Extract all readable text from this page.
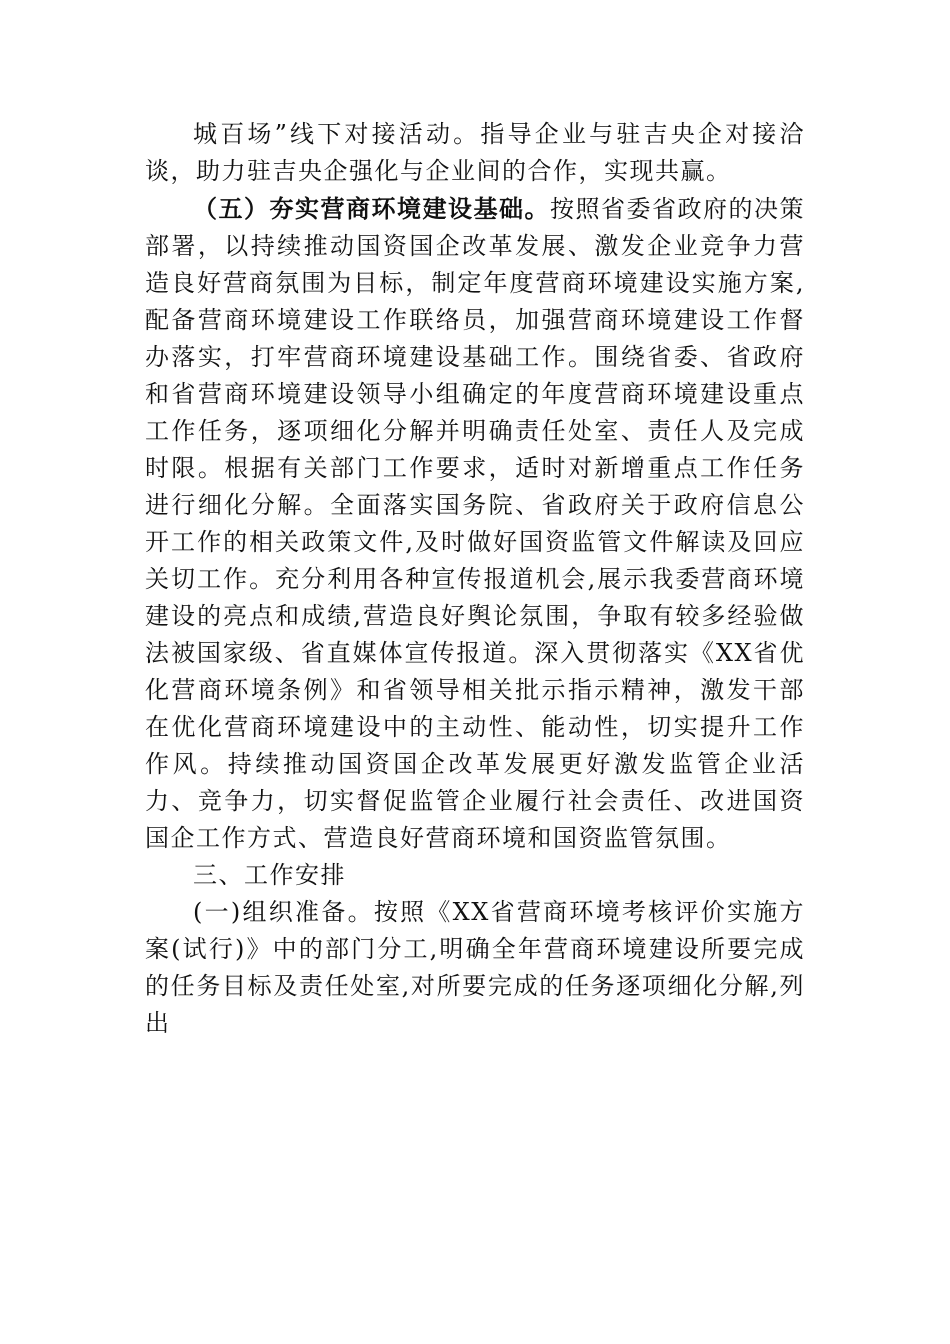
城百场”线下对接活动。指导企业与驻吉央企对接洽谈，助力驻吉央企强化与企业间的合作，实现共赢。

（五）夯实营商环境建设基础。按照省委省政府的决策部署，以持续推动国资国企改革发展、激发企业竞争力营造良好营商氛围为目标，制定年度营商环境建设实施方案,配备营商环境建设工作联络员，加强营商环境建设工作督办落实，打牢营商环境建设基础工作。围绕省委、省政府和省营商环境建设领导小组确定的年度营商环境建设重点工作任务，逐项细化分解并明确责任处室、责任人及完成时限。根据有关部门工作要求，适时对新增重点工作任务进行细化分解。全面落实国务院、省政府关于政府信息公开工作的相关政策文件,及时做好国资监管文件解读及回应关切工作。充分利用各种宣传报道机会,展示我委营商环境建设的亮点和成绩,营造良好舆论氛围，争取有较多经验做法被国家级、省直媒体宣传报道。深入贯彻落实《XX省优化营商环境条例》和省领导相关批示指示精神，激发干部在优化营商环境建设中的主动性、能动性，切实提升工作作风。持续推动国资国企改革发展更好激发监管企业活力、竞争力，切实督促监管企业履行社会责任、改进国资国企工作方式、营造良好营商环境和国资监管氛围。

三、工作安排

(一)组织准备。按照《XX省营商环境考核评价实施方案(试行)》中的部门分工,明确全年营商环境建设所要完成的任务目标及责任处室,对所要完成的任务逐项细化分解,列出
